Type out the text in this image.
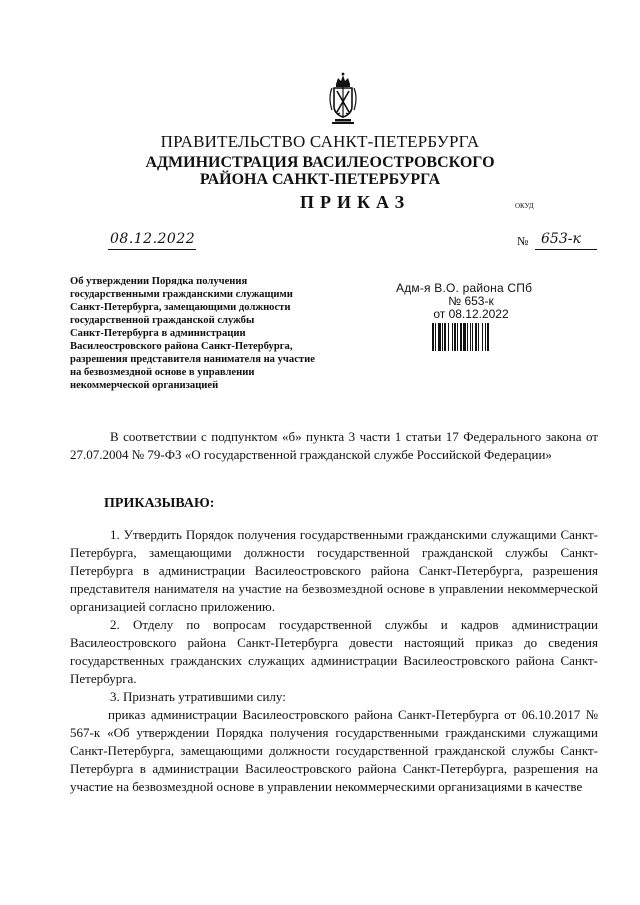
ПРАВИТЕЛЬСТВО САНКТ-ПЕТЕРБУРГА
АДМИНИСТРАЦИЯ ВАСИЛЕОСТРОВСКОГО
РАЙОНА САНКТ-ПЕТЕРБУРГА
ПРИКАЗ	ОКУД
08.12.2022	№ 653-к
Об утверждении Порядка получения
государственными гражданскими служащими
Санкт-Петербурга, замещающими должности
государственной гражданской службы
Санкт-Петербурга в администрации
Василеостровского района Санкт-Петербурга,
разрешения представителя нанимателя на участие
на безвозмездной основе в управлении
некоммерческой организацией
Адм-я В.О. района СПб
№ 653-к
от 08.12.2022

В соответствии с подпунктом «б» пункта 3 части 1 статьи 17 Федерального закона от 27.07.2004 № 79-ФЗ «О государственной гражданской службе Российской Федерации»

ПРИКАЗЫВАЮ:

1. Утвердить Порядок получения государственными гражданскими служащими Санкт-Петербурга, замещающими должности государственной гражданской службы Санкт-Петербурга в администрации Василеостровского района Санкт-Петербурга, разрешения представителя нанимателя на участие на безвозмездной основе в управлении некоммерческой организацией согласно приложению.

2. Отделу по вопросам государственной службы и кадров администрации Василеостровского района Санкт-Петербурга довести настоящий приказ до сведения государственных гражданских служащих администрации Василеостровского района Санкт-Петербурга.

3. Признать утратившими силу:

приказ администрации Василеостровского района Санкт-Петербурга от 06.10.2017 № 567-к «Об утверждении Порядка получения государственными гражданскими служащими Санкт-Петербурга, замещающими должности государственной гражданской службы Санкт-Петербурга в администрации Василеостровского района Санкт-Петербурга, разрешения на участие на безвозмездной основе в управлении некоммерческими организациями в качестве
